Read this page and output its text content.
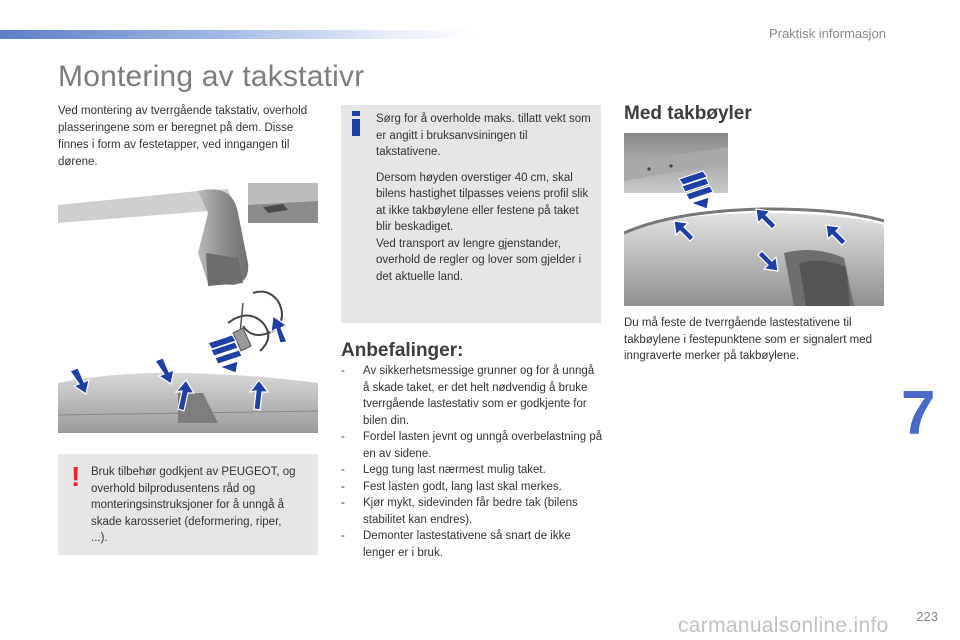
Praktisk informasjon
Montering av takstativr

Ved montering av tverrgående takstativ, overhold plasseringene som er beregnet på dem. Disse finnes i form av festetapper, ved inngangen til dørene.

! Bruk tilbehør godkjent av PEUGEOT, og overhold bilprodusentens råd og monteringsinstruksjoner for å unngå å skade karosseriet (deformering, riper, ...).

Sørg for å overholde maks. tillatt vekt som er angitt i bruksanvsiningen til takstativene.

Dersom høyden overstiger 40 cm, skal bilens hastighet tilpasses veiens profil slik at ikke takbøylene eller festene på taket blir beskadiget.

Ved transport av lengre gjenstander, overhold de regler og lover som gjelder i det aktuelle land.

Anbefalinger:
- Av sikkerhetsmessige grunner og for å unngå å skade taket, er det helt nødvendig å bruke tverrgående lastestativ som er godkjente for bilen din.
- Fordel lasten jevnt og unngå overbelastning på en av sidene.
- Legg tung last nærmest mulig taket.
- Fest lasten godt, lang last skal merkes.
- Kjør mykt, sidevinden får bedre tak (bilens stabilitet kan endres).
- Demonter lastestativene så snart de ikke lenger er i bruk.
Med takbøyler

Du må feste de tverrgående lastestativene til takbøylene i festepunktene som er signalert med inngraverte merker på takbøylene.

7
223
carmanualsonline.info
